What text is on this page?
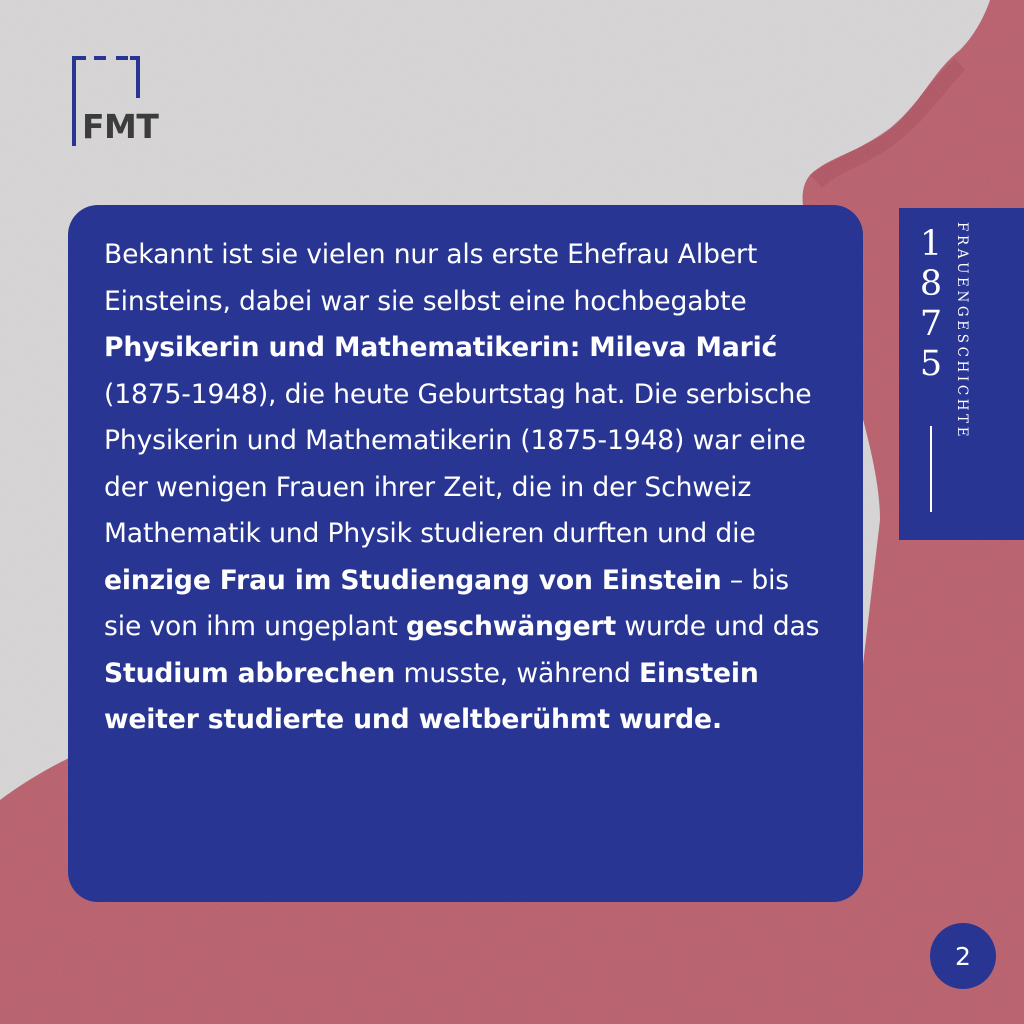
FMT

Bekannt ist sie vielen nur als erste Ehefrau Albert Einsteins, dabei war sie selbst eine hochbegabte Physikerin und Mathematikerin: Mileva Marić (1875-1948), die heute Geburtstag hat. Die serbische Physikerin und Mathematikerin (1875-1948) war eine der wenigen Frauen ihrer Zeit, die in der Schweiz Mathematik und Physik studieren durften und die einzige Frau im Studiengang von Einstein – bis sie von ihm ungeplant geschwängert wurde und das Studium abbrechen musste, während Einstein weiter studierte und weltberühmt wurde.

1
8
7
5 FRAUENGESCHICHTE
2
